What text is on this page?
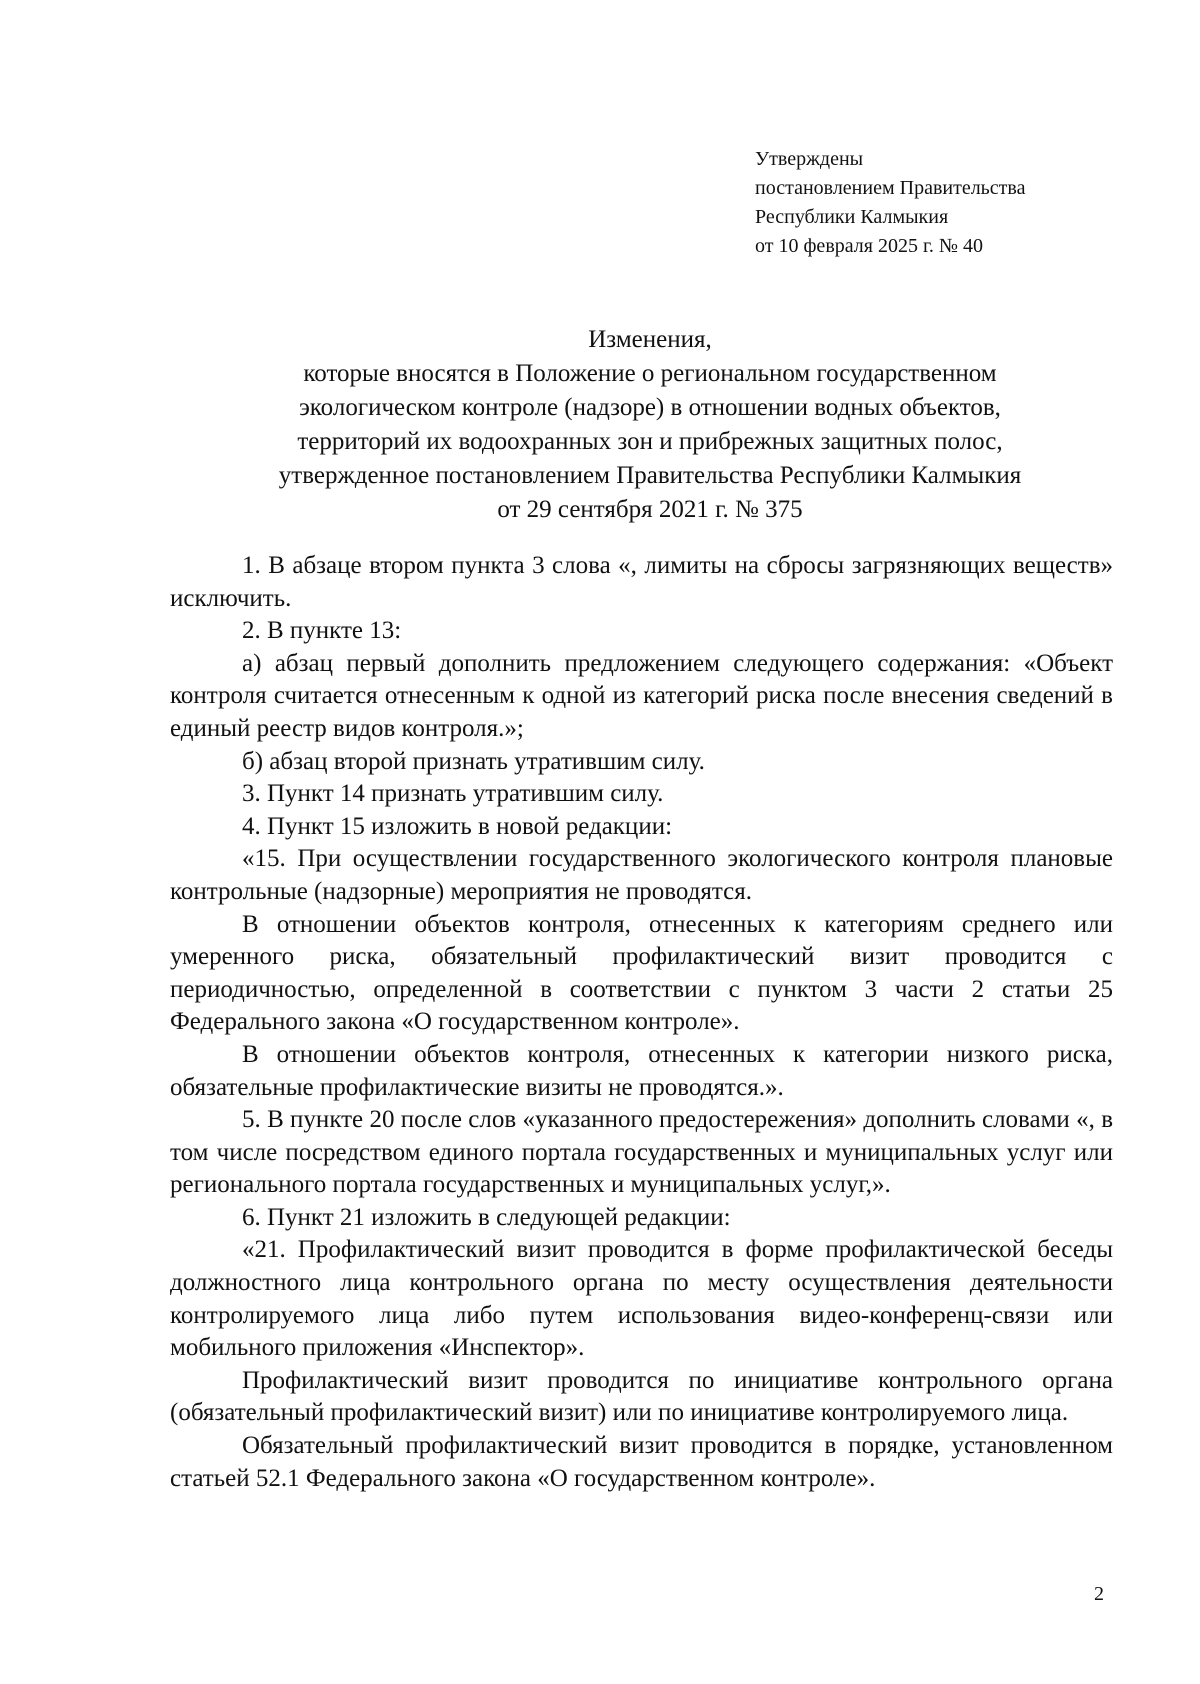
Утверждены
постановлением Правительства
Республики Калмыкия
от 10 февраля 2025 г. № 40
Изменения,
которые вносятся в Положение о региональном государственном
экологическом контроле (надзоре) в отношении водных объектов,
территорий их водоохранных зон и прибрежных защитных полос,
утвержденное постановлением Правительства Республики Калмыкия
от 29 сентября 2021 г. № 375

1. В абзаце втором пункта 3 слова «, лимиты на сбросы загрязняющих веществ» исключить.

2. В пункте 13:

а) абзац первый дополнить предложением следующего содержания: «Объект контроля считается отнесенным к одной из категорий риска после внесения сведений в единый реестр видов контроля.»;

б) абзац второй признать утратившим силу.

3. Пункт 14 признать утратившим силу.

4. Пункт 15 изложить в новой редакции:

«15. При осуществлении государственного экологического контроля плановые контрольные (надзорные) мероприятия не проводятся.

В отношении объектов контроля, отнесенных к категориям среднего или умеренного риска, обязательный профилактический визит проводится с периодичностью, определенной в соответствии с пунктом 3 части 2 статьи 25 Федерального закона «О государственном контроле».

В отношении объектов контроля, отнесенных к категории низкого риска, обязательные профилактические визиты не проводятся.».

5. В пункте 20 после слов «указанного предостережения» дополнить словами «, в том числе посредством единого портала государственных и муниципальных услуг или регионального портала государственных и муниципальных услуг,».

6. Пункт 21 изложить в следующей редакции:

«21. Профилактический визит проводится в форме профилактической беседы должностного лица контрольного органа по месту осуществления деятельности контролируемого лица либо путем использования видео-конференц-связи или мобильного приложения «Инспектор».

Профилактический визит проводится по инициативе контрольного органа (обязательный профилактический визит) или по инициативе контролируемого лица.

Обязательный профилактический визит проводится в порядке, установленном статьей 52.1 Федерального закона «О государственном контроле».

2
